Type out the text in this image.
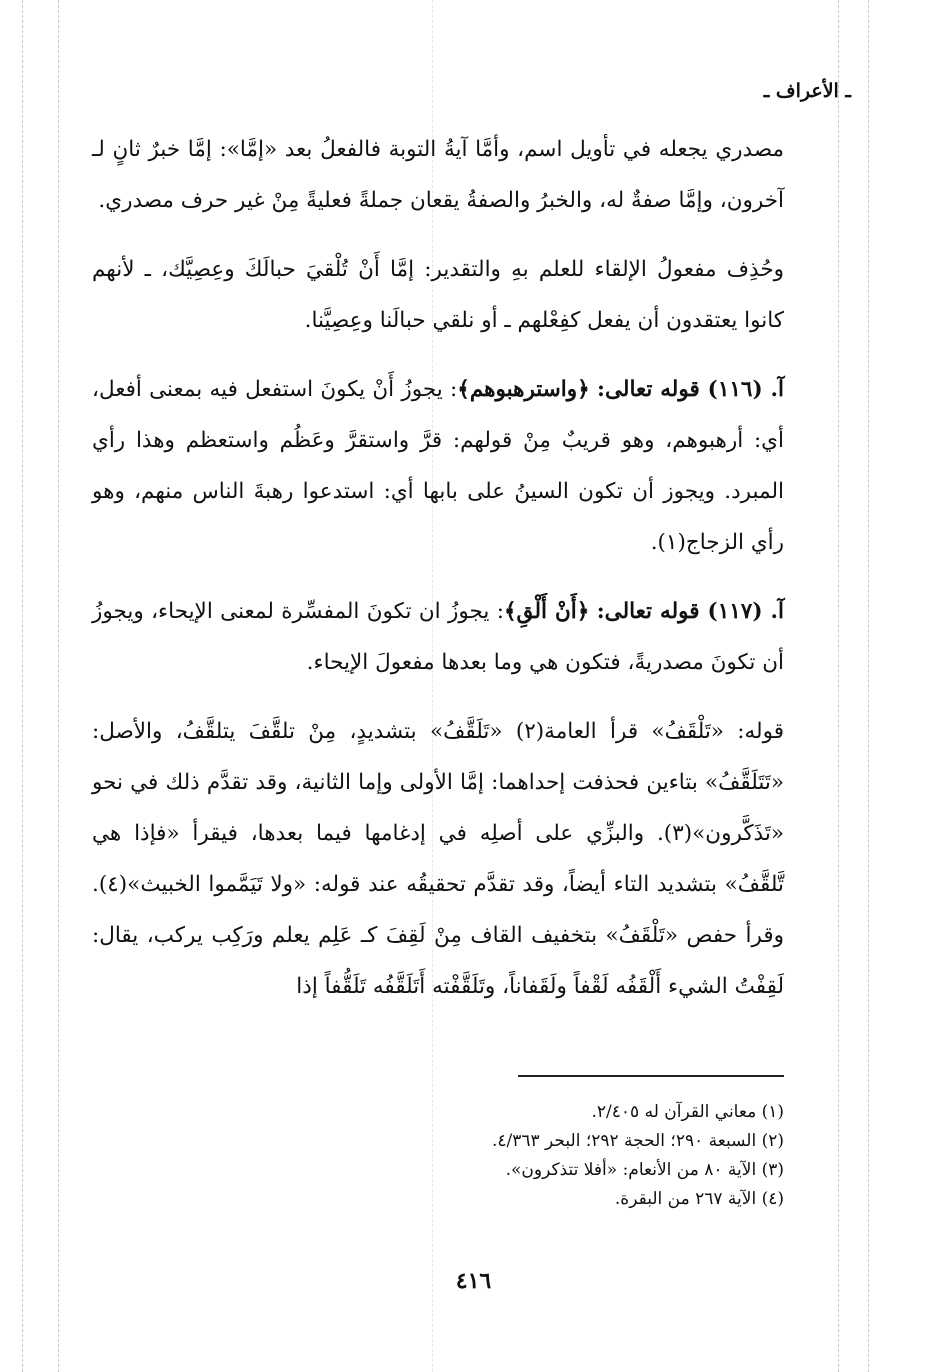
ـ الأعراف ـ

مصدري يجعله في تأويل اسم، وأمَّا آيةُ التوبة فالفعلُ بعد «إمَّا»: إمَّا خبرٌ ثانٍ لـ آخرون، وإمَّا صفةٌ له، والخبرُ والصفةُ يقعان جملةً فعليةً مِنْ غير حرف مصدري.

وحُذِف مفعولُ الإلقاء للعلم بهِ والتقدير: إمَّا أَنْ تُلْقيَ حبالَكَ وعِصِيَّك، ـ لأنهم كانوا يعتقدون أن يفعل كفِعْلهم ـ أو نلقي حبالَنا وعِصِيَّنا.

آ. (١١٦) قوله تعالى: ﴿واسترهبوهم﴾: يجوزُ أَنْ يكونَ استفعل فيه بمعنى أفعل، أي: أرهبوهم، وهو قريبٌ مِنْ قولهم: قرَّ واستقرَّ وعَظُم واستعظم وهذا رأي المبرد. ويجوز أن تكون السينُ على بابها أي: استدعوا رهبةَ الناس منهم، وهو رأي الزجاج(١).

آ. (١١٧) قوله تعالى: ﴿أَنْ أَلْقِ﴾: يجوزُ ان تكونَ المفسِّرة لمعنى الإيحاء، ويجوزُ أن تكونَ مصدريةً، فتكون هي وما بعدها مفعولَ الإيحاء.

قوله: «تَلْقَفُ» قرأ العامة(٢) «تَلَقَّفُ» بتشديدٍ، مِنْ تلقَّفَ يتلقَّفُ، والأصل: «تَتَلَقَّفُ» بتاءين فحذفت إحداهما: إمَّا الأولى وإما الثانية، وقد تقدَّم ذلك في نحو «تَذَكَّرون»(٣). والبزِّي على أصلِه في إدغامها فيما بعدها، فيقرأ «فإذا هي تَّلقَّفُ» بتشديد التاء أيضاً، وقد تقدَّم تحقيقُه عند قوله: «ولا تَيَمَّموا الخبيث»(٤). وقرأ حفص «تَلْقَفُ» بتخفيف القاف مِنْ لَقِفَ كـ عَلِم يعلم ورَكِب يركب، يقال: لَقِفْتُ الشيء أَلْقَفُه لَقْفاً ولَقَفاناً، وتَلَقَّفْته أَتَلَقَّفُه تَلَقُّفاً إذا

(١) معاني القرآن له ٢/٤٠٥.

(٢) السبعة ٢٩٠؛ الحجة ٢٩٢؛ البحر ٤/٣٦٣.

(٣) الآية ٨٠ من الأنعام: «أفلا تتذكرون».

(٤) الآية ٢٦٧ من البقرة.

٤١٦
